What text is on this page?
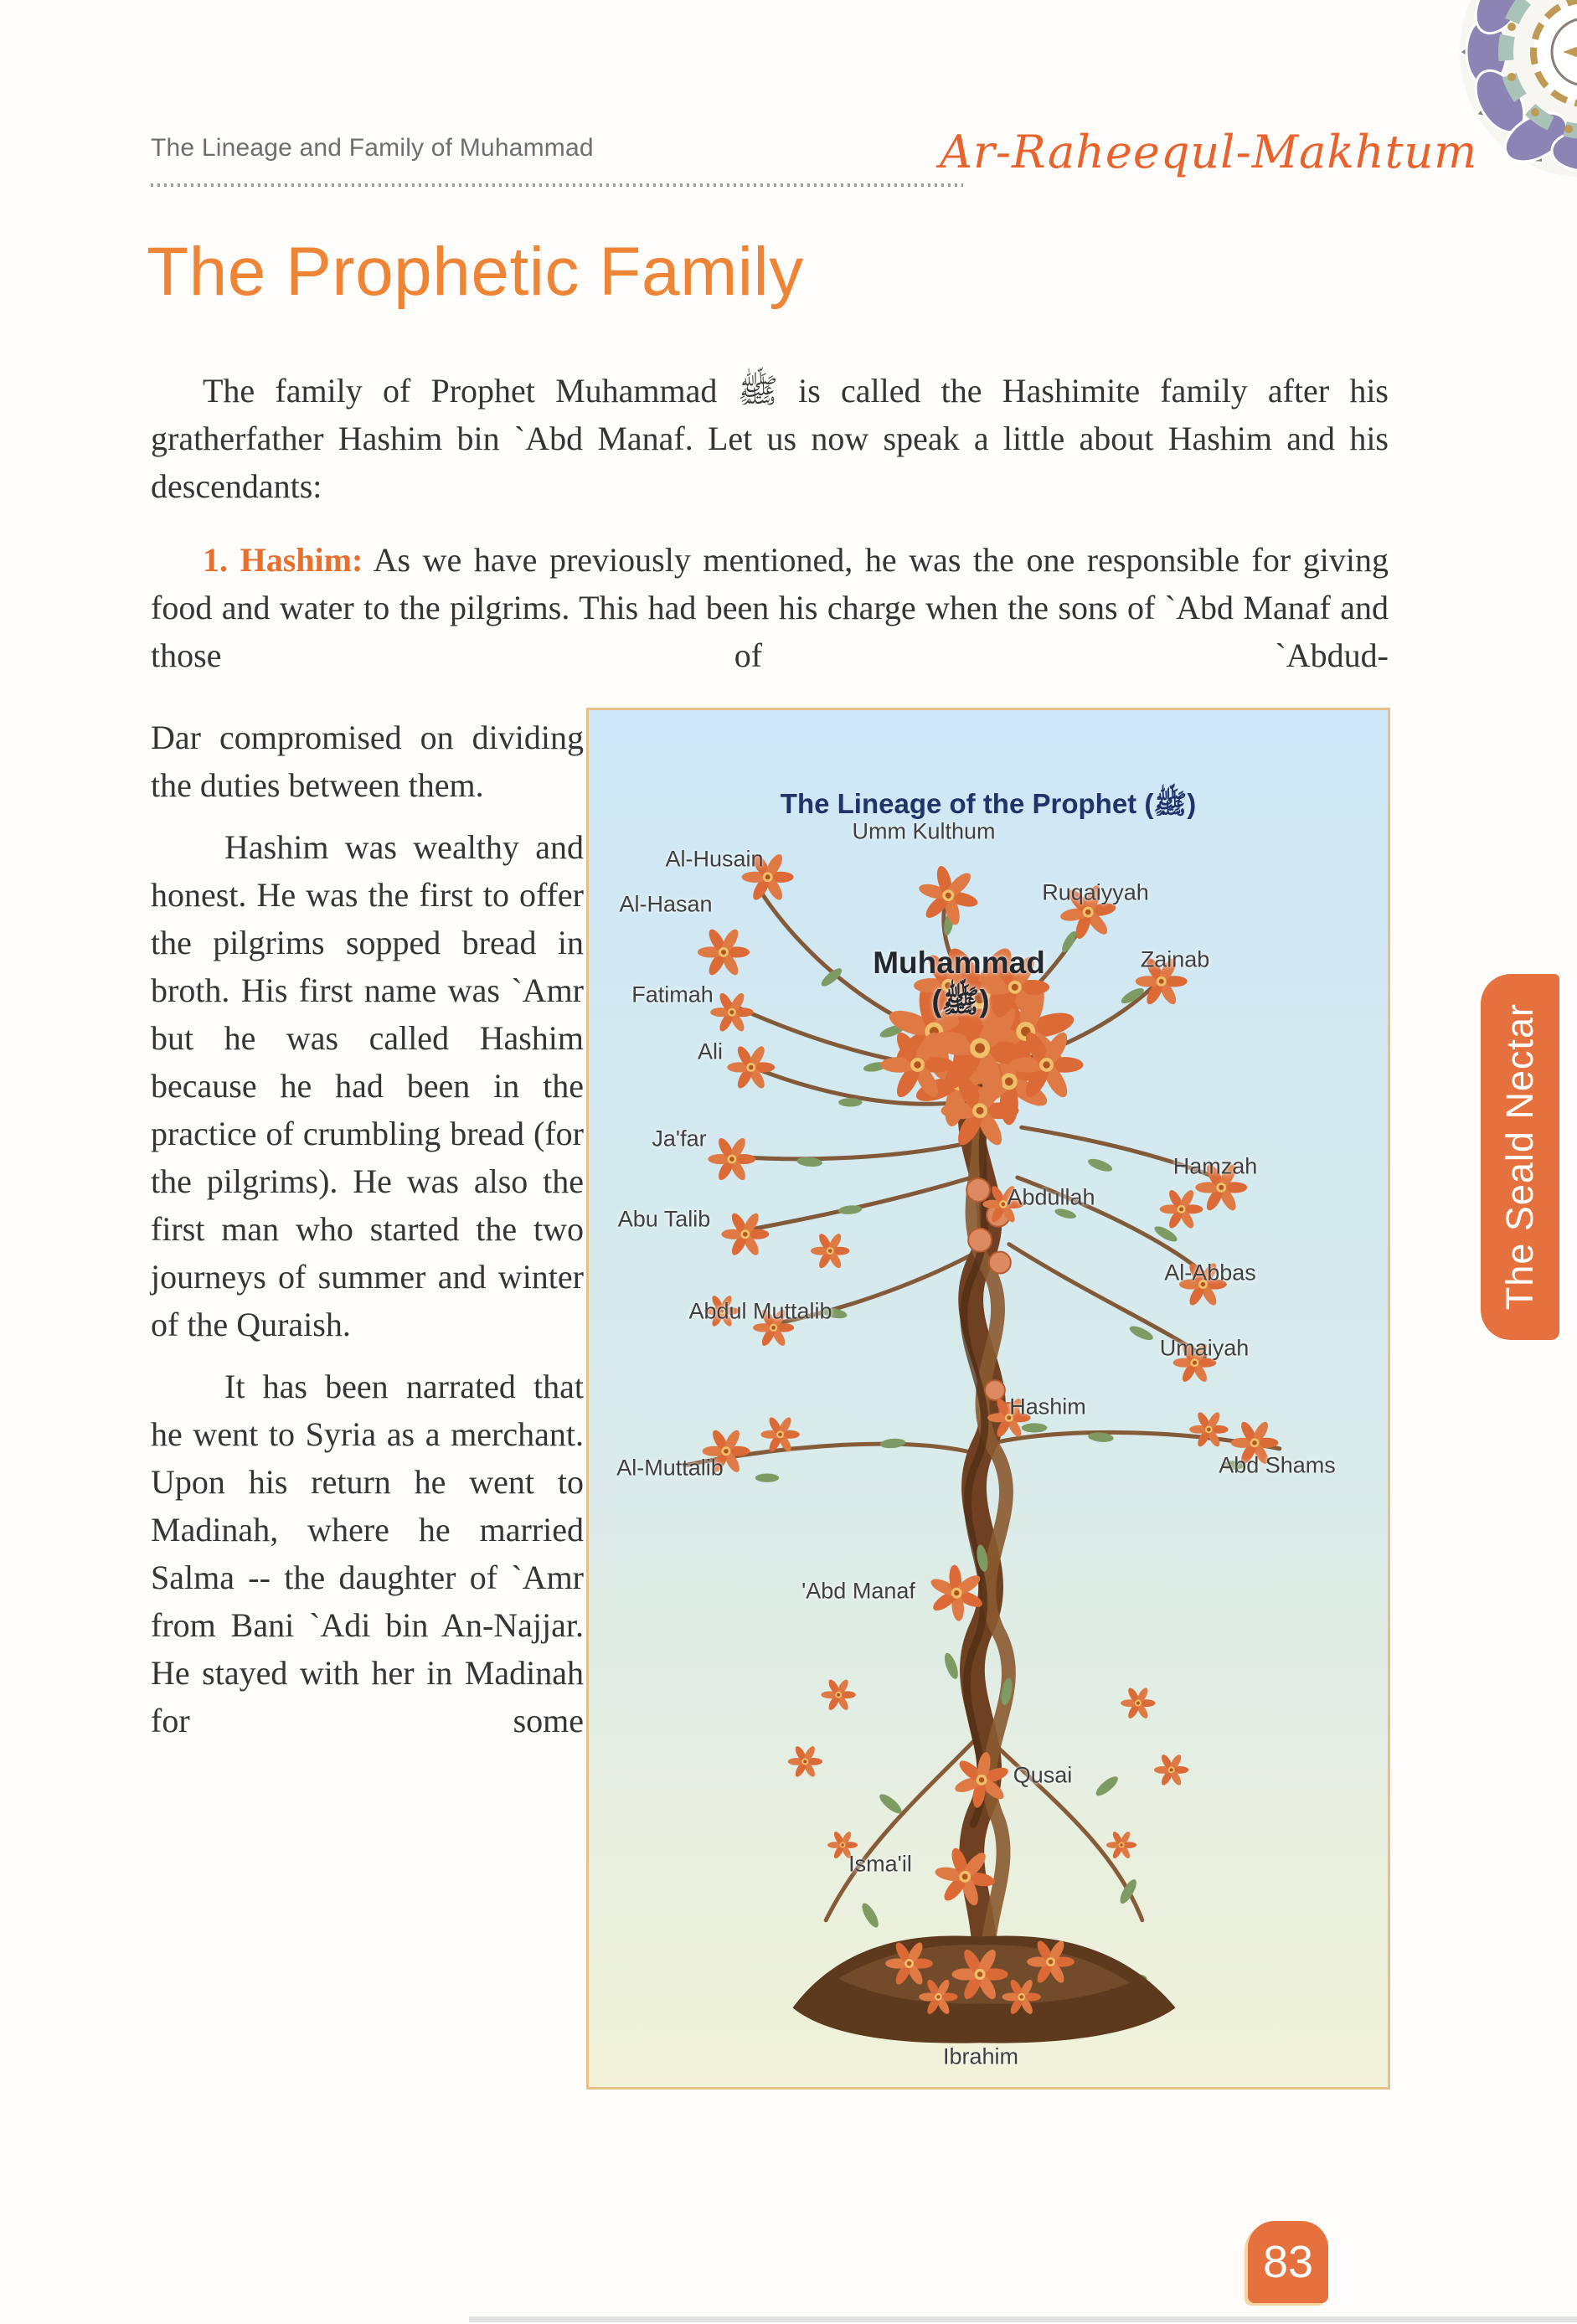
The Lineage and Family of Muhammad	Ar-Raheequl-Makhtum
The Prophetic Family
The family of Prophet Muhammad ﷺ is called the Hashimite family after his gratherfather Hashim bin `Abd Manaf. Let us now speak a little about Hashim and his descendants:
1. Hashim: As we have previously mentioned, he was the one responsible for giving food and water to the pilgrims. This had been his charge when the sons of `Abd Manaf and those of `Abdud-

Dar compromised on dividing the duties between them.

Hashim was wealthy and honest. He was the first to offer the pilgrims sopped bread in broth. His first name was `Amr but he was called Hashim because he had been in the practice of crumbling bread (for the pilgrims). He was also the first man who started the two journeys of summer and winter of the Quraish.

It has been narrated that he went to Syria as a merchant. Upon his return he went to Madinah, where he married Salma -- the daughter of `Amr from Bani `Adi bin An-Najjar. He stayed with her in Madinah for some

The Lineage of the Prophet (ﷺ)
Umm Kulthum
Al-Husain
Ruqaiyyah
Al-Hasan
Zainab
Muhammad
(ﷺ)
Fatimah
Ali
Ja'far
Hamzah
Abdullah
Abu Talib
Al-Abbas
Abdul Muttalib
Umaiyah
Hashim
Al-Muttalib	Abd Shams
'Abd Manaf
Qusai
Isma'il
Ibrahim
The Seald Nectar
83
